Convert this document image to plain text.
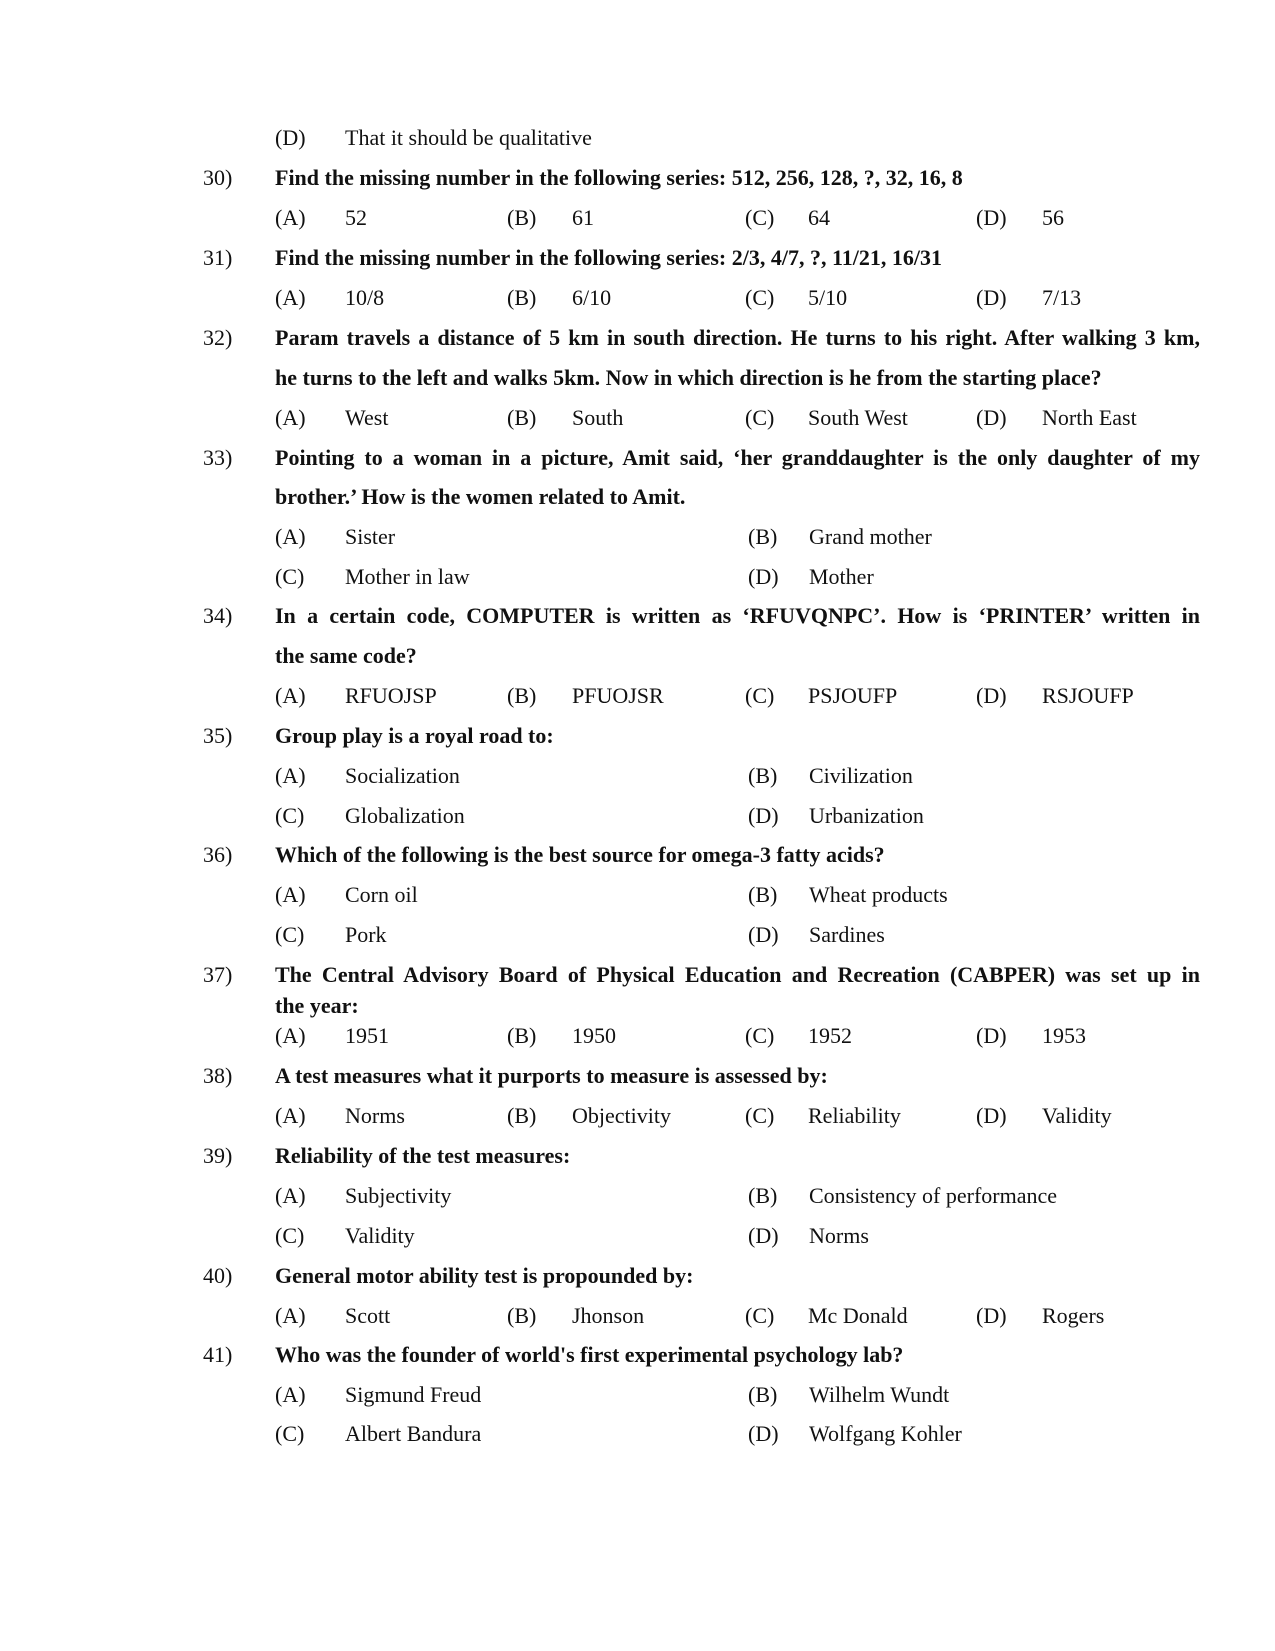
(D) That it should be qualitative
30) Find the missing number in the following series: 512, 256, 128, ?, 32, 16, 8
(A) 52	(B) 61	(C) 64	(D) 56
31) Find the missing number in the following series: 2/3, 4/7, ?, 11/21, 16/31
(A) 10/8	(B) 6/10	(C) 5/10	(D) 7/13
32) Param travels a distance of 5 km in south direction. He turns to his right. After walking 3 km,
he turns to the left and walks 5km. Now in which direction is he from the starting place?
(A) West	(B) South	(C) South West	(D) North East
33) Pointing to a woman in a picture, Amit said, ‘her granddaughter is the only daughter of my
brother.’ How is the women related to Amit.
(A) Sister	(B) Grand mother
(C) Mother in law	(D) Mother
34) In a certain code, COMPUTER is written as ‘RFUVQNPC’. How is ‘PRINTER’ written in
the same code?
(A) RFUOJSP	(B) PFUOJSR	(C) PSJOUFP	(D) RSJOUFP
35) Group play is a royal road to:
(A) Socialization	(B) Civilization
(C) Globalization	(D) Urbanization
36) Which of the following is the best source for omega-3 fatty acids?
(A) Corn oil	(B) Wheat products
(C) Pork	(D) Sardines
37) The Central Advisory Board of Physical Education and Recreation (CABPER) was set up in
the year:
(A) 1951	(B) 1950	(C) 1952	(D) 1953
38) A test measures what it purports to measure is assessed by:
(A) Norms	(B) Objectivity	(C) Reliability	(D) Validity
39) Reliability of the test measures:
(A) Subjectivity	(B) Consistency of performance
(C) Validity	(D) Norms
40) General motor ability test is propounded by:
(A) Scott	(B) Jhonson	(C) Mc Donald	(D) Rogers
41) Who was the founder of world's first experimental psychology lab?
(A) Sigmund Freud	(B) Wilhelm Wundt
(C) Albert Bandura	(D) Wolfgang Kohler
